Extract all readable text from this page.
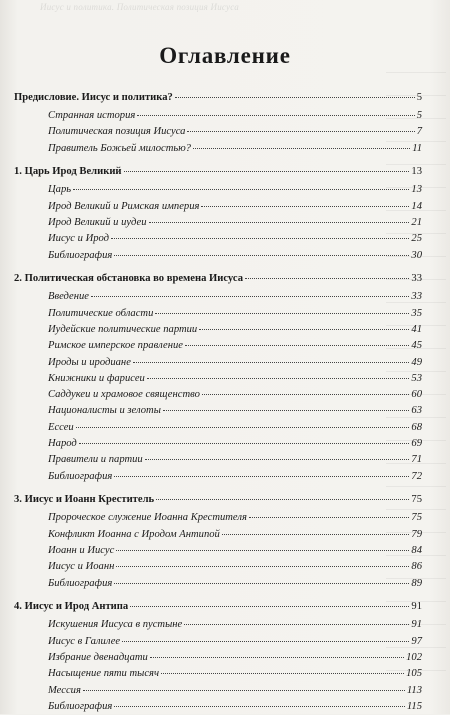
Иисус и политика. Политическая позиция Иисуса
Оглавление
Предисловие. Иисус и политика?	5
Странная история	5
Политическая позиция Иисуса	7
Правитель Божьей милостью?	11
1. Царь Ирод Великий	13
Царь	13
Ирод Великий и Римская империя	14
Ирод Великий и иудеи	21
Иисус и Ирод	25
Библиография	30
2. Политическая обстановка во времена Иисуса	33
Введение	33
Политические области	35
Иудейские политические партии	41
Римское имперское правление	45
Ироды и иродиане	49
Книжники и фарисеи	53
Саддукеи и храмовое священство	60
Националисты и зелоты	63
Ессеи	68
Народ	69
Правители и партии	71
Библиография	72
3. Иисус и Иоанн Креститель	75
Пророческое служение Иоанна Крестителя	75
Конфликт Иоанна с Иродом Антипой	79
Иоанн и Иисус	84
Иисус и Иоанн	86
Библиография	89
4. Иисус и Ирод Антипа	91
Искушения Иисуса в пустыне	91
Иисус в Галилее	97
Избрание двенадцати	102
Насыщение пяти тысяч	105
Мессия	113
Библиография	115
